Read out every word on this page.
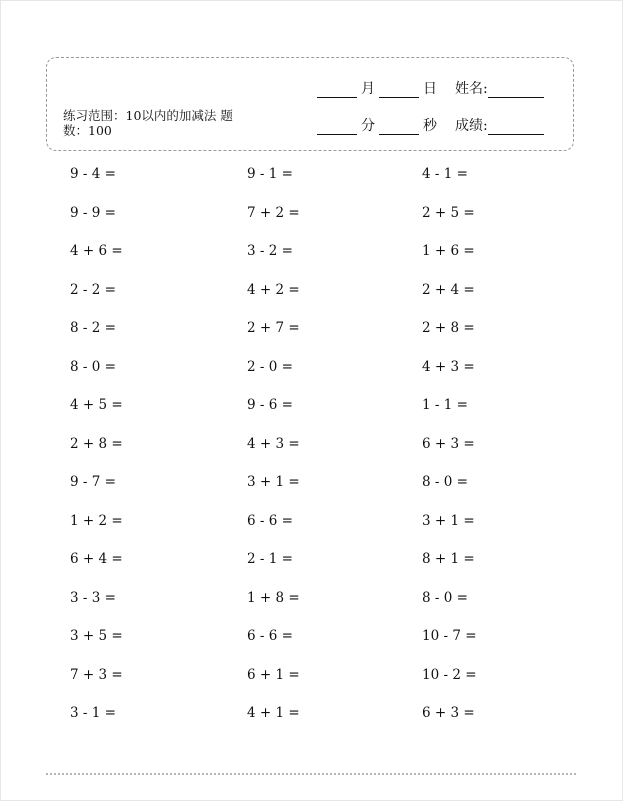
练习范围：10以内的加减法 题数：100
月	日 姓名:
分	秒 成绩:
9 - 4 =	9 - 1 =	4 - 1 =
9 - 9 =	7 + 2 =	2 + 5 =
4 + 6 =	3 - 2 =	1 + 6 =
2 - 2 =	4 + 2 =	2 + 4 =
8 - 2 =	2 + 7 =	2 + 8 =
8 - 0 =	2 - 0 =	4 + 3 =
4 + 5 =	9 - 6 =	1 - 1 =
2 + 8 =	4 + 3 =	6 + 3 =
9 - 7 =	3 + 1 =	8 - 0 =
1 + 2 =	6 - 6 =	3 + 1 =
6 + 4 =	2 - 1 =	8 + 1 =
3 - 3 =	1 + 8 =	8 - 0 =
3 + 5 =	6 - 6 =	10 - 7 =
7 + 3 =	6 + 1 =	10 - 2 =
3 - 1 =	4 + 1 =	6 + 3 =
